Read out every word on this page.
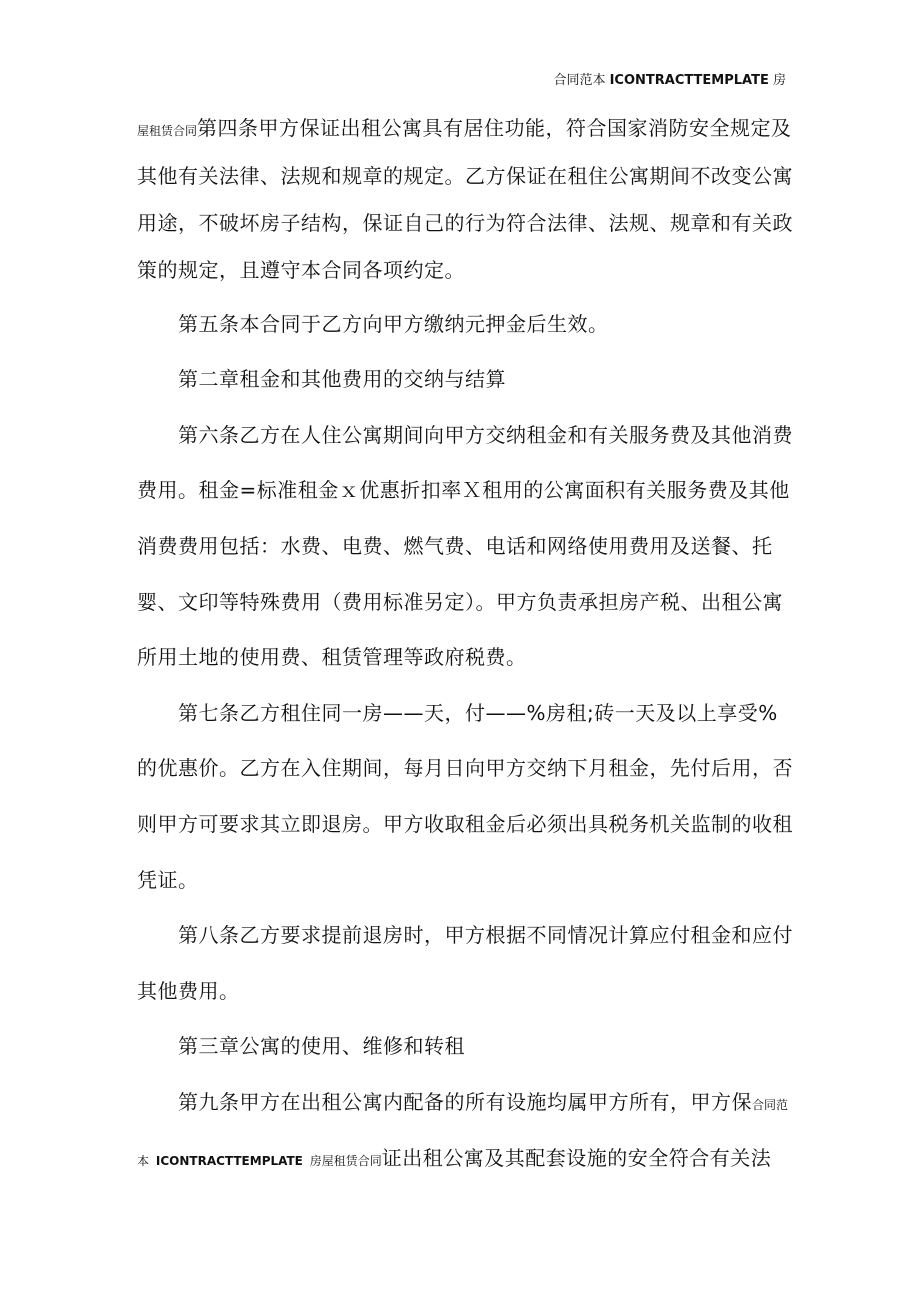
合同范本 ICONTRACTTEMPLATE 房
屋租赁合同第四条甲方保证出租公寓具有居住功能，符合国家消防安全规定及
其他有关法律、法规和规章的规定。乙方保证在租住公寓期间不改变公寓
用途，不破坏房子结构，保证自己的行为符合法律、法规、规章和有关政
策的规定，且遵守本合同各项约定。
第五条本合同于乙方向甲方缴纳元押金后生效。
第二章租金和其他费用的交纳与结算
第六条乙方在人住公寓期间向甲方交纳租金和有关服务费及其他消费
费用。租金=标准租金ｘ优惠折扣率Ｘ租用的公寓面积有关服务费及其他
消费费用包括：水费、电费、燃气费、电话和网络使用费用及送餐、托
婴、文印等特殊费用（费用标准另定）。甲方负责承担房产税、出租公寓
所用土地的使用费、租赁管理等政府税费。
第七条乙方租住同一房——天，付——%房租;砖一天及以上享受%
的优惠价。乙方在入住期间，每月日向甲方交纳下月租金，先付后用，否
则甲方可要求其立即退房。甲方收取租金后必须出具税务机关监制的收租
凭证。
第八条乙方要求提前退房时，甲方根据不同情况计算应付租金和应付
其他费用。
第三章公寓的使用、维修和转租
第九条甲方在出租公寓内配备的所有设施均属甲方所有，甲方保合同范
本 ICONTRACTTEMPLATE 房屋租赁合同证出租公寓及其配套设施的安全符合有关法
